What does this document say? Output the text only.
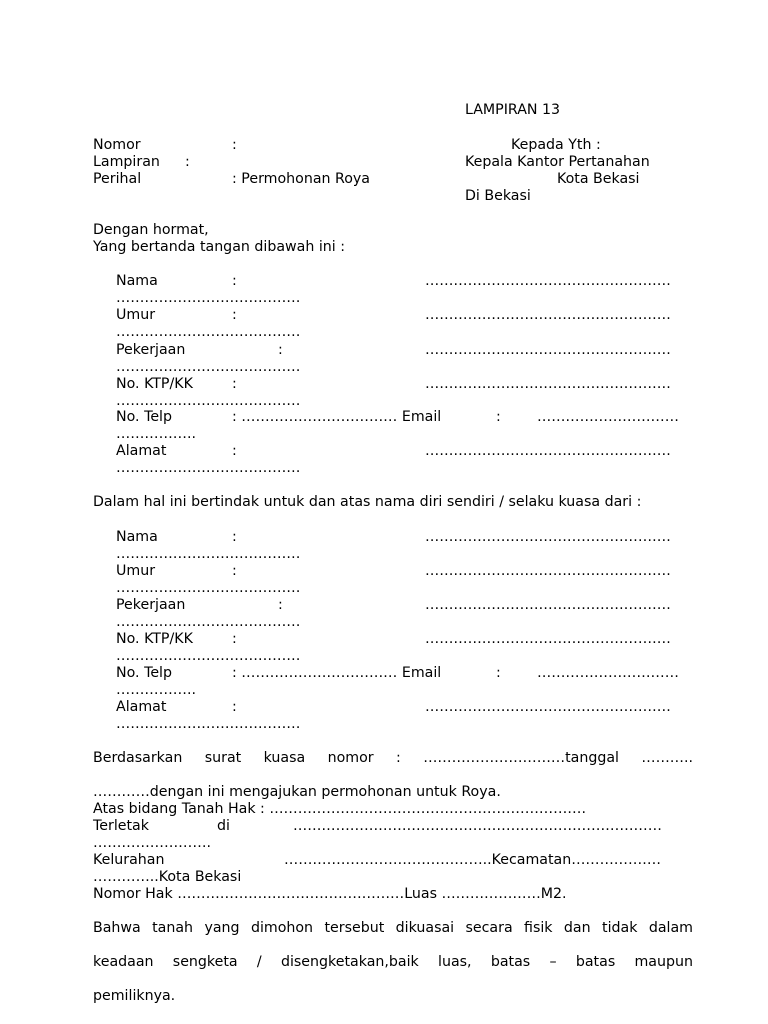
LAMPIRAN 13
Nomor	:	Kepada Yth :
Lampiran :	Kepala Kantor Pertanahan
Perihal	: Permohonan Roya	Kota Bekasi
Di Bekasi
Dengan hormat,
Yang bertanda tangan dibawah ini :
Nama	:	…………………………………………….
…………………………………
Umur	:	…………………………………………….
…………………………………
Pekerjaan	:	…………………………………………….
…………………………………
No. KTP/KK	:	…………………………………………….
…………………………………
No. Telp	: …………………………… Email	:	…………………………
……………..
Alamat	:	…………………………………………….
…………………………………
Dalam hal ini bertindak untuk dan atas nama diri sendiri / selaku kuasa dari :
Nama	:	…………………………………………….
…………………………………
Umur	:	…………………………………………….
…………………………………
Pekerjaan	:	…………………………………………….
…………………………………
No. KTP/KK	:	…………………………………………….
…………………………………
No. Telp	: …………………………… Email	:	…………………………
……………..
Alamat	:	…………………………………………….
…………………………………
Berdasarkan surat kuasa nomor : …………………………tanggal ………..
…………dengan ini mengajukan permohonan untuk Roya.
Atas bidang Tanah Hak : ………………………………………………………….
Terletak	di	……………………………………………………………………
…………………….
Kelurahan	……………………………………..Kecamatan……………….
…………..Kota Bekasi
Nomor Hak …………………………………………Luas …………………M2.
Bahwa tanah yang dimohon tersebut dikuasai secara fisik dan tidak dalam
keadaan sengketa / disengketakan,baik luas, batas – batas maupun
pemiliknya.
